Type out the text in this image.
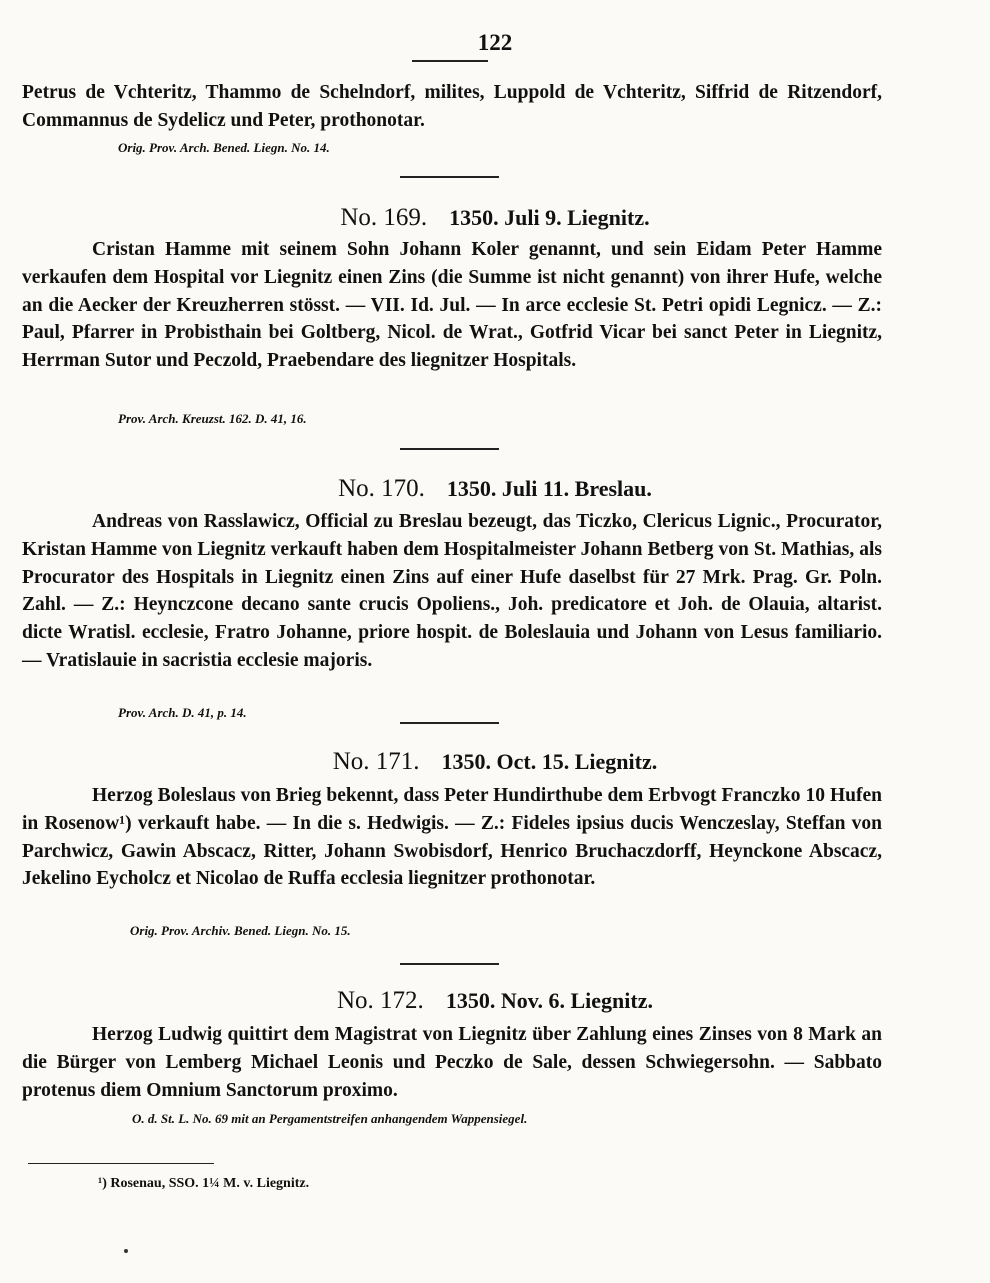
122
Petrus de Vchteritz, Thammo de Schelndorf, milites, Luppold de Vchteritz, Siffrid de Ritzendorf, Commannus de Sydelicz und Peter, prothonotar.
Orig. Prov. Arch. Bened. Liegn. No. 14.
No. 169. 1350. Juli 9. Liegnitz.
Cristan Hamme mit seinem Sohn Johann Koler genannt, und sein Eidam Peter Hamme verkaufen dem Hospital vor Liegnitz einen Zins (die Summe ist nicht genannt) von ihrer Hufe, welche an die Aecker der Kreuzherren stösst. — VII. Id. Jul. — In arce ecclesie St. Petri opidi Legnicz. — Z.: Paul, Pfarrer in Probisthain bei Goltberg, Nicol. de Wrat., Gotfrid Vicar bei sanct Peter in Liegnitz, Herrman Sutor und Peczold, Praebendare des liegnitzer Hospitals.
Prov. Arch. Kreuzst. 162. D. 41, 16.
No. 170. 1350. Juli 11. Breslau.
Andreas von Rasslawicz, Official zu Breslau bezeugt, das Ticzko, Clericus Lignic., Procurator, Kristan Hamme von Liegnitz verkauft haben dem Hospitalmeister Johann Betberg von St. Mathias, als Procurator des Hospitals in Liegnitz einen Zins auf einer Hufe daselbst für 27 Mrk. Prag. Gr. Poln. Zahl. — Z.: Heynczcone decano sante crucis Opoliens., Joh. predicatore et Joh. de Olauia, altarist. dicte Wratisl. ecclesie, Fratro Johanne, priore hospit. de Boleslauia und Johann von Lesus familiario. — Vratislauie in sacristia ecclesie majoris.
Prov. Arch. D. 41, p. 14.
No. 171. 1350. Oct. 15. Liegnitz.
Herzog Boleslaus von Brieg bekennt, dass Peter Hundirthube dem Erbvogt Franczko 10 Hufen in Rosenow¹) verkauft habe. — In die s. Hedwigis. — Z.: Fideles ipsius ducis Wenczeslay, Steffan von Parchwicz, Gawin Abscacz, Ritter, Johann Swobisdorf, Henrico Bruchaczdorff, Heynckone Abscacz, Jekelino Eycholcz et Nicolao de Ruffa ecclesia liegnitzer prothonotar.
Orig. Prov. Archiv. Bened. Liegn. No. 15.
No. 172. 1350. Nov. 6. Liegnitz.
Herzog Ludwig quittirt dem Magistrat von Liegnitz über Zahlung eines Zinses von 8 Mark an die Bürger von Lemberg Michael Leonis und Peczko de Sale, dessen Schwiegersohn. — Sabbato protenus diem Omnium Sanctorum proximo.
O. d. St. L. No. 69 mit an Pergamentstreifen anhangendem Wappensiegel.
¹) Rosenau, SSO. 1¼ M. v. Liegnitz.
